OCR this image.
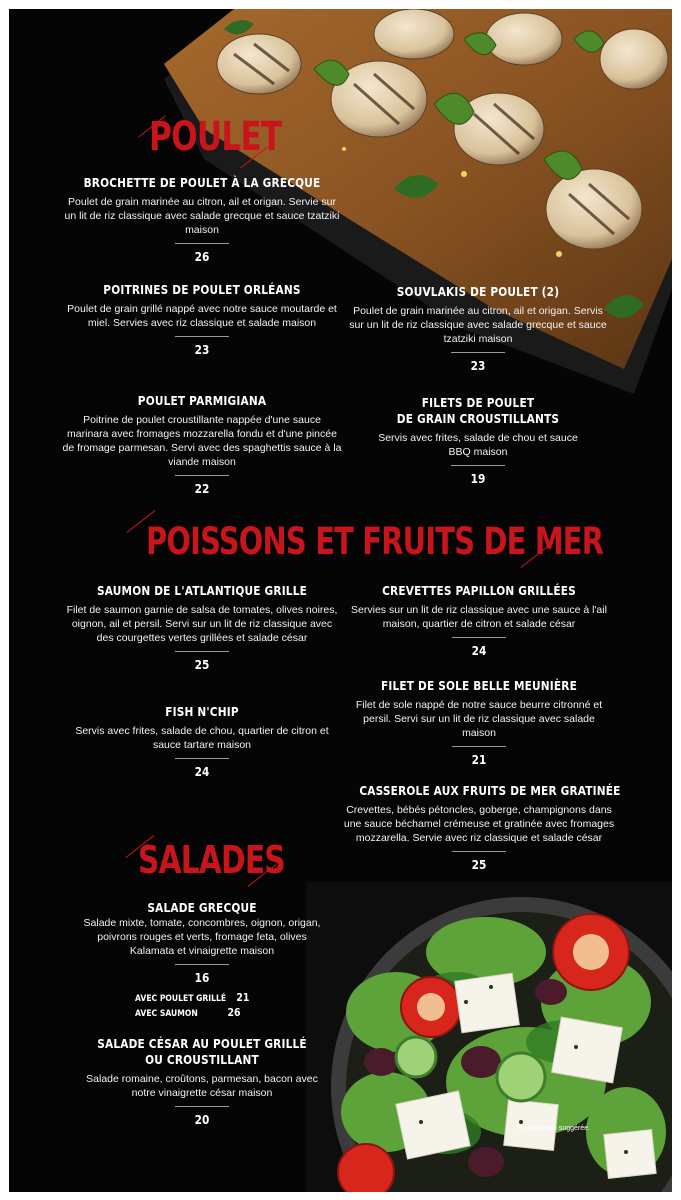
Présentation suggérée.
POULET
BROCHETTE DE POULET À LA GRECQUE
Poulet de grain marinée au citron, ail et origan. Servie sur un lit de riz classique avec salade grecque et sauce tzatziki maison
26
POITRINES DE POULET ORLÉANS
Poulet de grain grillé nappé avec notre sauce moutarde et miel. Servies avec riz classique et salade maison
23
SOUVLAKIS DE POULET (2)
Poulet de grain marinée au citron, ail et origan. Servis sur un lit de riz classique avec salade grecque et sauce tzatziki maison
23
POULET PARMIGIANA
Poitrine de poulet croustillante nappée d'une sauce marinara avec fromages mozzarella fondu et d'une pincée de fromage parmesan. Servi avec des spaghettis sauce à la viande maison
22
FILETS DE POULET
DE GRAIN CROUSTILLANTS
Servis avec frites, salade de chou et sauce BBQ maison
19
POISSONS ET FRUITS DE MER
SAUMON DE L'ATLANTIQUE GRILLE
Filet de saumon garnie de salsa de tomates, olives noires, oignon, ail et persil. Servi sur un lit de riz classique avec des courgettes vertes grillées et salade césar
25
CREVETTES PAPILLON GRILLÉES
Servies sur un lit de riz classique avec une sauce à l'ail maison, quartier de citron et salade césar
24
FISH N'CHIP
Servis avec frites, salade de chou, quartier de citron et sauce tartare maison
24
FILET DE SOLE BELLE MEUNIÈRE
Filet de sole nappé de notre sauce beurre citronné et persil. Servi sur un lit de riz classique avec salade maison
21
CASSEROLE AUX FRUITS DE MER GRATINÉE
Crevettes, bébés pétoncles, goberge, champignons dans une sauce béchamel crémeuse et gratinée avec fromages mozzarella. Servie avec riz classique et salade césar
25
SALADES
SALADE GRECQUE
Salade mixte, tomate, concombres, oignon, origan, poivrons rouges et verts, fromage feta, olives Kalamata et vinaigrette maison
16
AVEC POULET GRILLÉ 21
AVEC SAUMON	26
SALADE CÉSAR AU POULET GRILLÉ
OU CROUSTILLANT
Salade romaine, croûtons, parmesan, bacon avec notre vinaigrette césar maison
20
